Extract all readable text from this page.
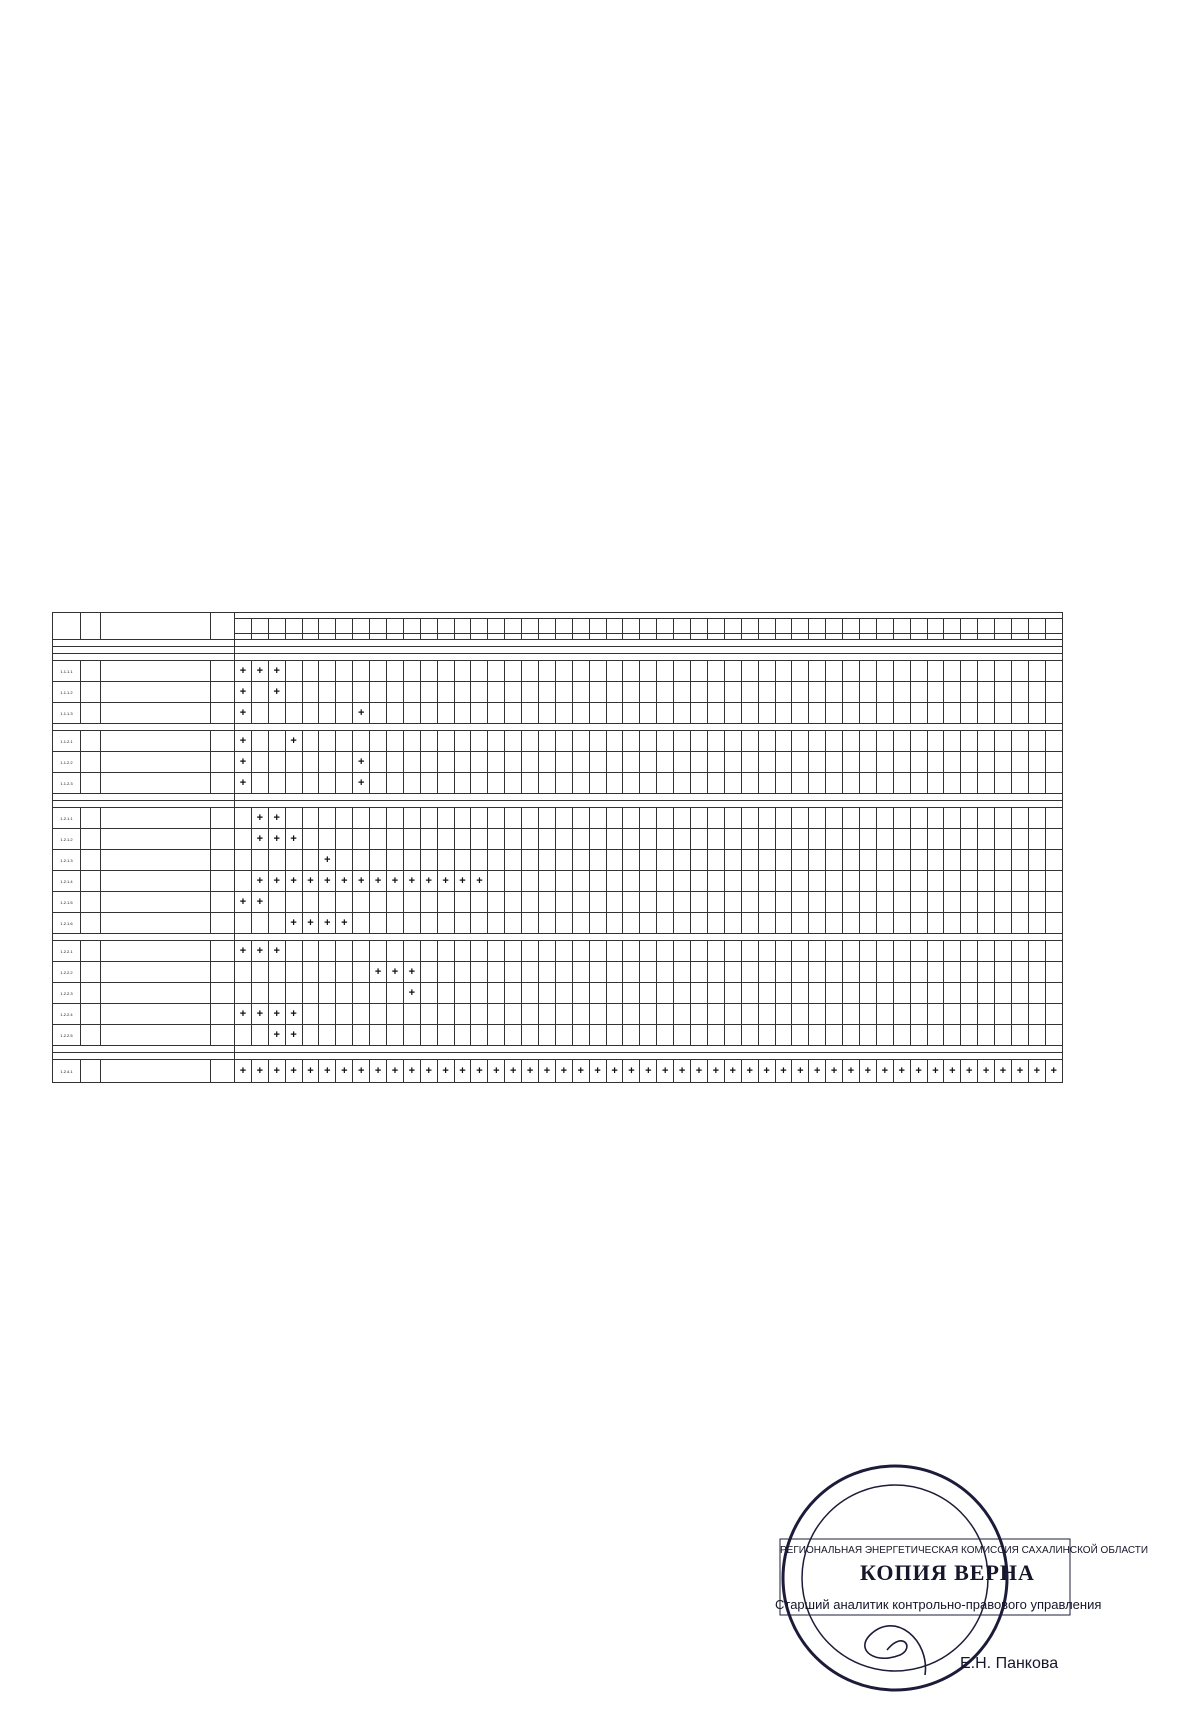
1.1.1.1				+	+	+																																														
1.1.1.2				+		+																																														
1.1.1.3				+							+																																									

1.1.2.1				+			+																																													
1.1.2.2				+							+																																									
1.1.2.3				+							+																																									

1.2.1.1					+	+																																														
1.2.1.2					+	+	+																																													
1.2.1.3									+																																											
1.2.1.4					+	+	+	+	+	+	+	+	+	+	+	+	+	+																																		
1.2.1.5				+	+																																															
1.2.1.6							+	+	+	+																																										

1.2.2.1				+	+	+																																														
1.2.2.2												+	+	+																																						
1.2.2.3														+																																						
1.2.2.4				+	+	+	+																																													
1.2.2.5						+	+																																													

1.2.4.1				+	+	+	+	+	+	+	+	+	+	+	+	+	+	+	+	+	+	+	+	+	+	+	+	+	+	+	+	+	+	+	+	+	+	+	+	+	+	+	+	+	+	+	+	+	+	+	+	+
РЕГИОНАЛЬНАЯ ЭНЕРГЕТИЧЕСКАЯ КОМИССИЯ САХАЛИНСКОЙ ОБЛАСТИ
КОПИЯ ВЕРНА
Старший аналитик контрольно-правового управления
Е.Н. Панкова
